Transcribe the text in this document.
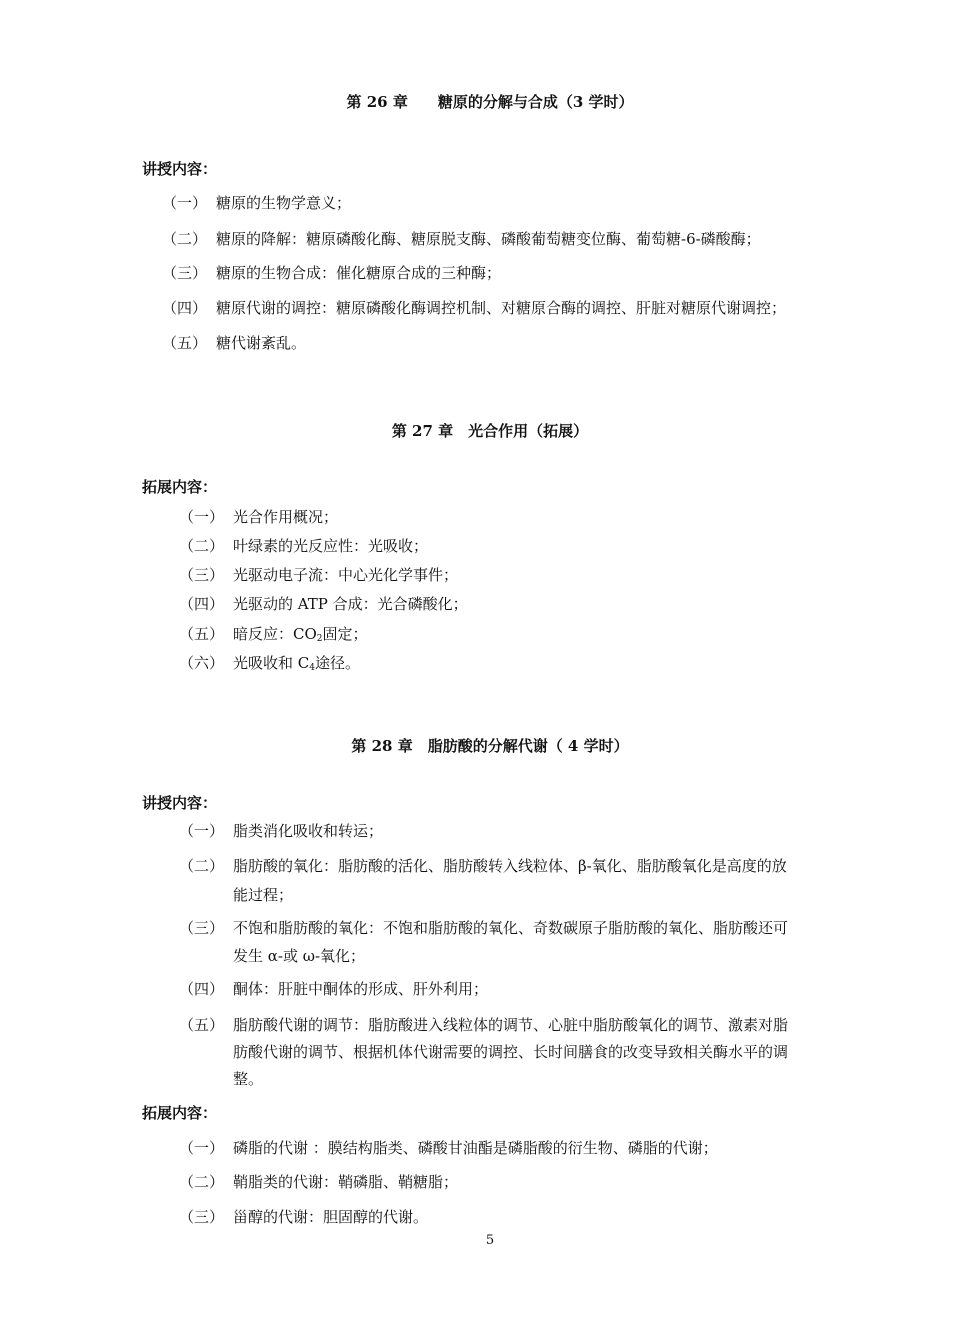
第 26 章　　糖原的分解与合成（3 学时）
讲授内容：
（一） 糖原的生物学意义；
（二） 糖原的降解：糖原磷酸化酶、糖原脱支酶、磷酸葡萄糖变位酶、葡萄糖-6-磷酸酶；
（三） 糖原的生物合成：催化糖原合成的三种酶；
（四） 糖原代谢的调控：糖原磷酸化酶调控机制、对糖原合酶的调控、肝脏对糖原代谢调控；
（五） 糖代谢紊乱。
第 27 章　光合作用（拓展）
拓展内容：
（一） 光合作用概况；
（二） 叶绿素的光反应性：光吸收；
（三） 光驱动电子流：中心光化学事件；
（四） 光驱动的 ATP 合成：光合磷酸化；
（五） 暗反应：$CO_2$固定；
（六） 光吸收和 $C_4$途径。
第 28 章　脂肪酸的分解代谢（ 4 学时）
讲授内容：
（一） 脂类消化吸收和转运；
（二） 脂肪酸的氧化：脂肪酸的活化、脂肪酸转入线粒体、β-氧化、脂肪酸氧化是高度的放
能过程；
（三） 不饱和脂肪酸的氧化：不饱和脂肪酸的氧化、奇数碳原子脂肪酸的氧化、脂肪酸还可
发生 α-或 ω-氧化；
（四） 酮体：肝脏中酮体的形成、肝外利用；
（五） 脂肪酸代谢的调节：脂肪酸进入线粒体的调节、心脏中脂肪酸氧化的调节、激素对脂
肪酸代谢的调节、根据机体代谢需要的调控、长时间膳食的改变导致相关酶水平的调
整。
拓展内容：
（一） 磷脂的代谢 ：膜结构脂类、磷酸甘油酯是磷脂酸的衍生物、磷脂的代谢；
（二） 鞘脂类的代谢：鞘磷脂、鞘糖脂；
（三） 甾醇的代谢：胆固醇的代谢。
5
